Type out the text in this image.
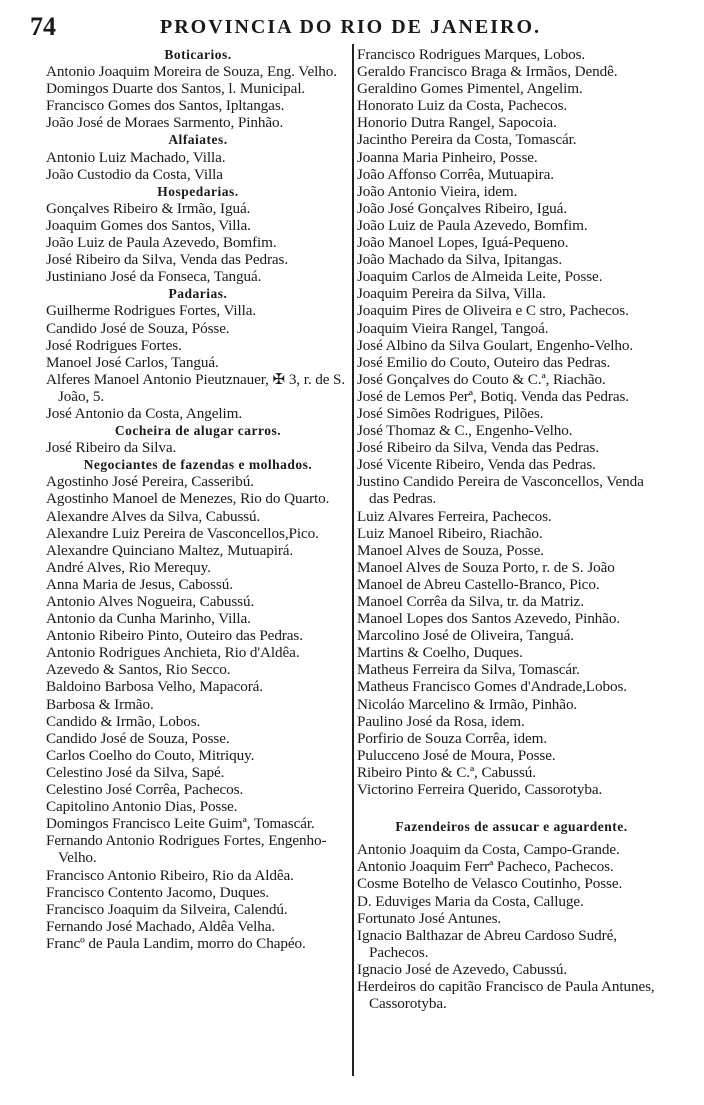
74	PROVINCIA DO RIO DE JANEIRO.
Boticarios.
Antonio Joaquim Moreira de Souza, Eng. Velho.
Domingos Duarte dos Santos, l. Municipal.
Francisco Gomes dos Santos, Ipltangas.
João José de Moraes Sarmento, Pinhão.
Alfaiates.
Antonio Luiz Machado, Villa.
João Custodio da Costa, Villa
Hospedarias.
Gonçalves Ribeiro & Irmão, Iguá.
Joaquim Gomes dos Santos, Villa.
João Luiz de Paula Azevedo, Bomfim.
José Ribeiro da Silva, Venda das Pedras.
Justiniano José da Fonseca, Tanguá.
Padarias.
Guilherme Rodrigues Fortes, Villa.
Candido José de Souza, Pósse.
José Rodrigues Fortes.
Manoel José Carlos, Tanguá.
Alferes Manoel Antonio Pieutznauer, ✠ 3, r. de S. João, 5.
José Antonio da Costa, Angelim.
Cocheira de alugar carros.
José Ribeiro da Silva.
Negociantes de fazendas e molhados.
Agostinho José Pereira, Casseribú.
Agostinho Manoel de Menezes, Rio do Quarto.
Alexandre Alves da Silva, Cabussú.
Alexandre Luiz Pereira de Vasconcellos,Pico.
Alexandre Quinciano Maltez, Mutuapirá.
André Alves, Rio Merequy.
Anna Maria de Jesus, Cabossú.
Antonio Alves Nogueira, Cabussú.
Antonio da Cunha Marinho, Villa.
Antonio Ribeiro Pinto, Outeiro das Pedras.
Antonio Rodrigues Anchieta, Rio d'Aldêa.
Azevedo & Santos, Rio Secco.
Baldoino Barbosa Velho, Mapacorá.
Barbosa & Irmão.
Candido & Irmão, Lobos.
Candido José de Souza, Posse.
Carlos Coelho do Couto, Mitriquy.
Celestino José da Silva, Sapé.
Celestino José Corrêa, Pachecos.
Capitolino Antonio Dias, Posse.
Domingos Francisco Leite Guimª, Tomascár.
Fernando Antonio Rodrigues Fortes, Engenho-Velho.
Francisco Antonio Ribeiro, Rio da Aldêa.
Francisco Contento Jacomo, Duques.
Francisco Joaquim da Silveira, Calendú.
Fernando José Machado, Aldêa Velha.
Francº de Paula Landim, morro do Chapéo.
Francisco Rodrigues Marques, Lobos.
Geraldo Francisco Braga & Irmãos, Dendê.
Geraldino Gomes Pimentel, Angelim.
Honorato Luiz da Costa, Pachecos.
Honorio Dutra Rangel, Sapocoia.
Jacintho Pereira da Costa, Tomascár.
Joanna Maria Pinheiro, Posse.
João Affonso Corrêa, Mutuapira.
João Antonio Vieira, idem.
João José Gonçalves Ribeiro, Iguá.
João Luiz de Paula Azevedo, Bomfim.
João Manoel Lopes, Iguá-Pequeno.
João Machado da Silva, Ipitangas.
Joaquim Carlos de Almeida Leite, Posse.
Joaquim Pereira da Silva, Villa.
Joaquim Pires de Oliveira e C stro, Pachecos.
Joaquim Vieira Rangel, Tangoá.
José Albino da Silva Goulart, Engenho-Velho.
José Emilio do Couto, Outeiro das Pedras.
José Gonçalves do Couto & C.ª, Riachão.
José de Lemos Perª, Botiq. Venda das Pedras.
José Simões Rodrigues, Pilões.
José Thomaz & C., Engenho-Velho.
José Ribeiro da Silva, Venda das Pedras.
José Vicente Ribeiro, Venda das Pedras.
Justino Candido Pereira de Vasconcellos, Venda das Pedras.
Luiz Alvares Ferreira, Pachecos.
Luiz Manoel Ribeiro, Riachão.
Manoel Alves de Souza, Posse.
Manoel Alves de Souza Porto, r. de S. João
Manoel de Abreu Castello-Branco, Pico.
Manoel Corrêa da Silva, tr. da Matriz.
Manoel Lopes dos Santos Azevedo, Pinhão.
Marcolino José de Oliveira, Tanguá.
Martins & Coelho, Duques.
Matheus Ferreira da Silva, Tomascár.
Matheus Francisco Gomes d'Andrade,Lobos.
Nicoláo Marcelino & Irmão, Pinhão.
Paulino José da Rosa, idem.
Porfirio de Souza Corrêa, idem.
Pulucceno José de Moura, Posse.
Ribeiro Pinto & C.ª, Cabussú.
Victorino Ferreira Querido, Cassorotyba.
Fazendeiros de assucar e aguardente.
Antonio Joaquim da Costa, Campo-Grande.
Antonio Joaquim Ferrª Pacheco, Pachecos.
Cosme Botelho de Velasco Coutinho, Posse.
D. Eduviges Maria da Costa, Calluge.
Fortunato José Antunes.
Ignacio Balthazar de Abreu Cardoso Sudré, Pachecos.
Ignacio José de Azevedo, Cabussú.
Herdeiros do capitão Francisco de Paula Antunes, Cassorotyba.
